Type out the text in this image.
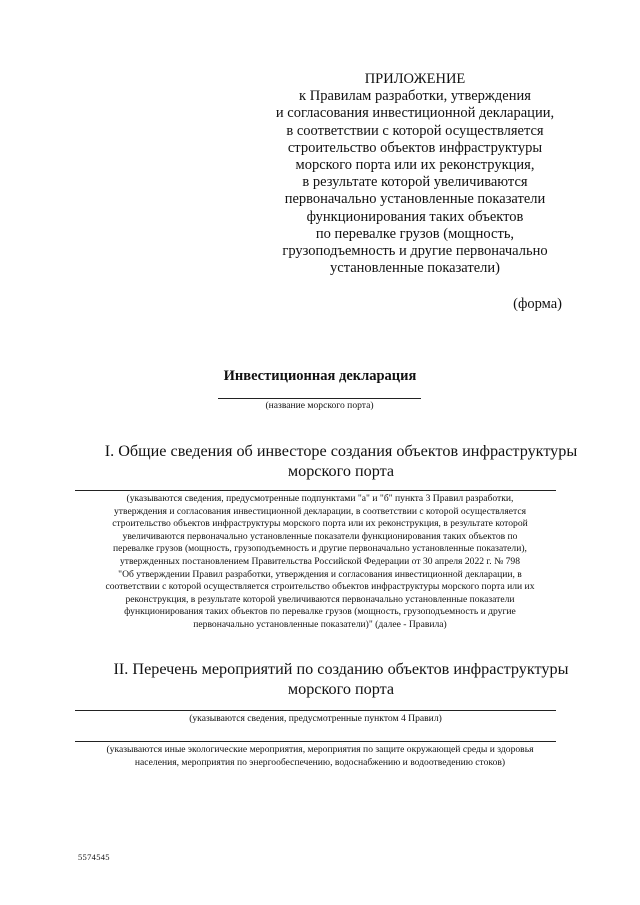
ПРИЛОЖЕНИЕ
к Правилам разработки, утверждения
и согласования инвестиционной декларации,
в соответствии с которой осуществляется
строительство объектов инфраструктуры
морского порта или их реконструкция,
в результате которой увеличиваются
первоначально установленные показатели
функционирования таких объектов
по перевалке грузов (мощность,
грузоподъемность и другие первоначально
установленные показатели)
(форма)
Инвестиционная декларация
(название морского порта)
I. Общие сведения об инвесторе создания объектов инфраструктуры
морского порта
(указываются сведения, предусмотренные подпунктами "а" и "б" пункта 3 Правил разработки,
утверждения и согласования инвестиционной декларации, в соответствии с которой осуществляется
строительство объектов инфраструктуры морского порта или их реконструкция, в результате которой
увеличиваются первоначально установленные показатели функционирования таких объектов по
перевалке грузов (мощность, грузоподъемность и другие первоначально установленные показатели),
утвержденных постановлением Правительства Российской Федерации от 30 апреля 2022 г. № 798
"Об утверждении Правил разработки, утверждения и согласования инвестиционной декларации, в
соответствии с которой осуществляется строительство объектов инфраструктуры морского порта или их
реконструкция, в результате которой увеличиваются первоначально установленные показатели
функционирования таких объектов по перевалке грузов (мощность, грузоподъемность и другие
первоначально установленные показатели)" (далее - Правила)
II. Перечень мероприятий по созданию объектов инфраструктуры
морского порта
(указываются сведения, предусмотренные пунктом 4 Правил)
(указываются иные экологические мероприятия, мероприятия по защите окружающей среды и здоровья
населения, мероприятия по энергообеспечению, водоснабжению и водоотведению стоков)
5574545
